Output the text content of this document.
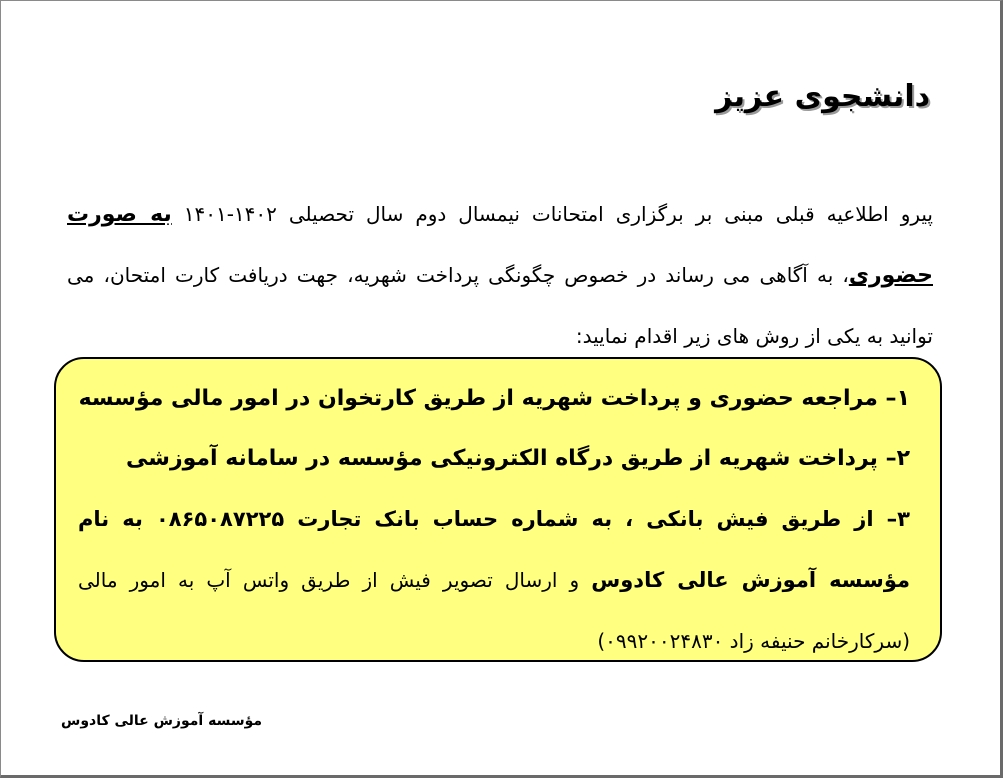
دانشجوی عزیز
پیرو اطلاعیه قبلی مبنی بر برگزاری امتحانات نیمسال دوم سال تحصیلی ۱۴۰۲-۱۴۰۱ به صورت حضوری، به آگاهی می رساند در خصوص چگونگی پرداخت شهریه، جهت دریافت کارت امتحان، می توانید به یکی از روش های زیر اقدام نمایید:
۱– مراجعه حضوری و پرداخت شهریه از طریق کارتخوان در امور مالی مؤسسه
۲– پرداخت شهریه از طریق درگاه الکترونیکی مؤسسه در سامانه آموزشی
۳– از طریق فیش بانکی ، به شماره حساب بانک تجارت ۰۸۶۵۰۸۷۲۲۵ به نام مؤسسه آموزش عالی کادوس و ارسال تصویر فیش از طریق واتس آپ به امور مالی (سرکارخانم حنیفه زاد ۰۹۹۲۰۰۲۴۸۳۰)
مؤسسه آموزش عالی کادوس
